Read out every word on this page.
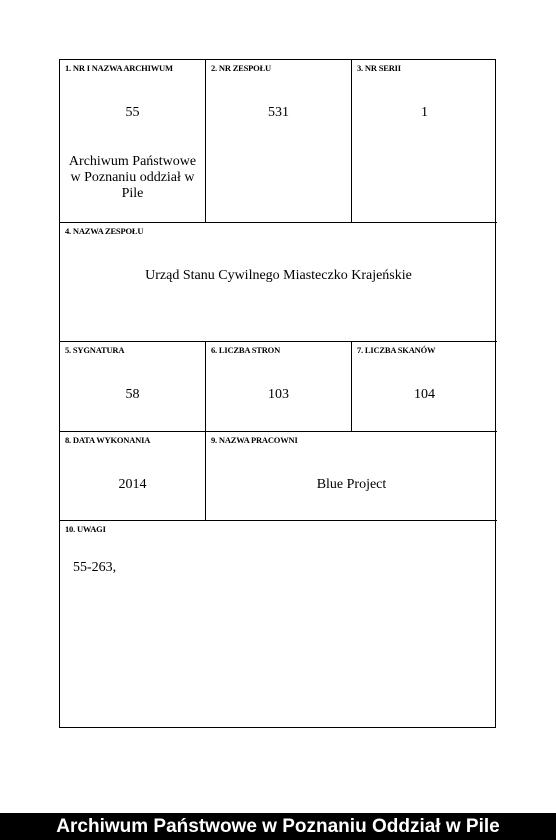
1. NR I NAZWA ARCHIWUM
55
Archiwum Państwowe w Poznaniu oddział w Pile
2. NR ZESPOŁU
531
3. NR SERII
1
4. NAZWA ZESPOŁU
Urząd Stanu Cywilnego Miasteczko Krajeńskie
5. SYGNATURA
58
6. LICZBA STRON
103
7. LICZBA SKANÓW
104
8. DATA WYKONANIA
2014
9. NAZWA PRACOWNI
Blue Project
10. UWAGI
55-263,
Archiwum Państwowe w Poznaniu Oddział w Pile
